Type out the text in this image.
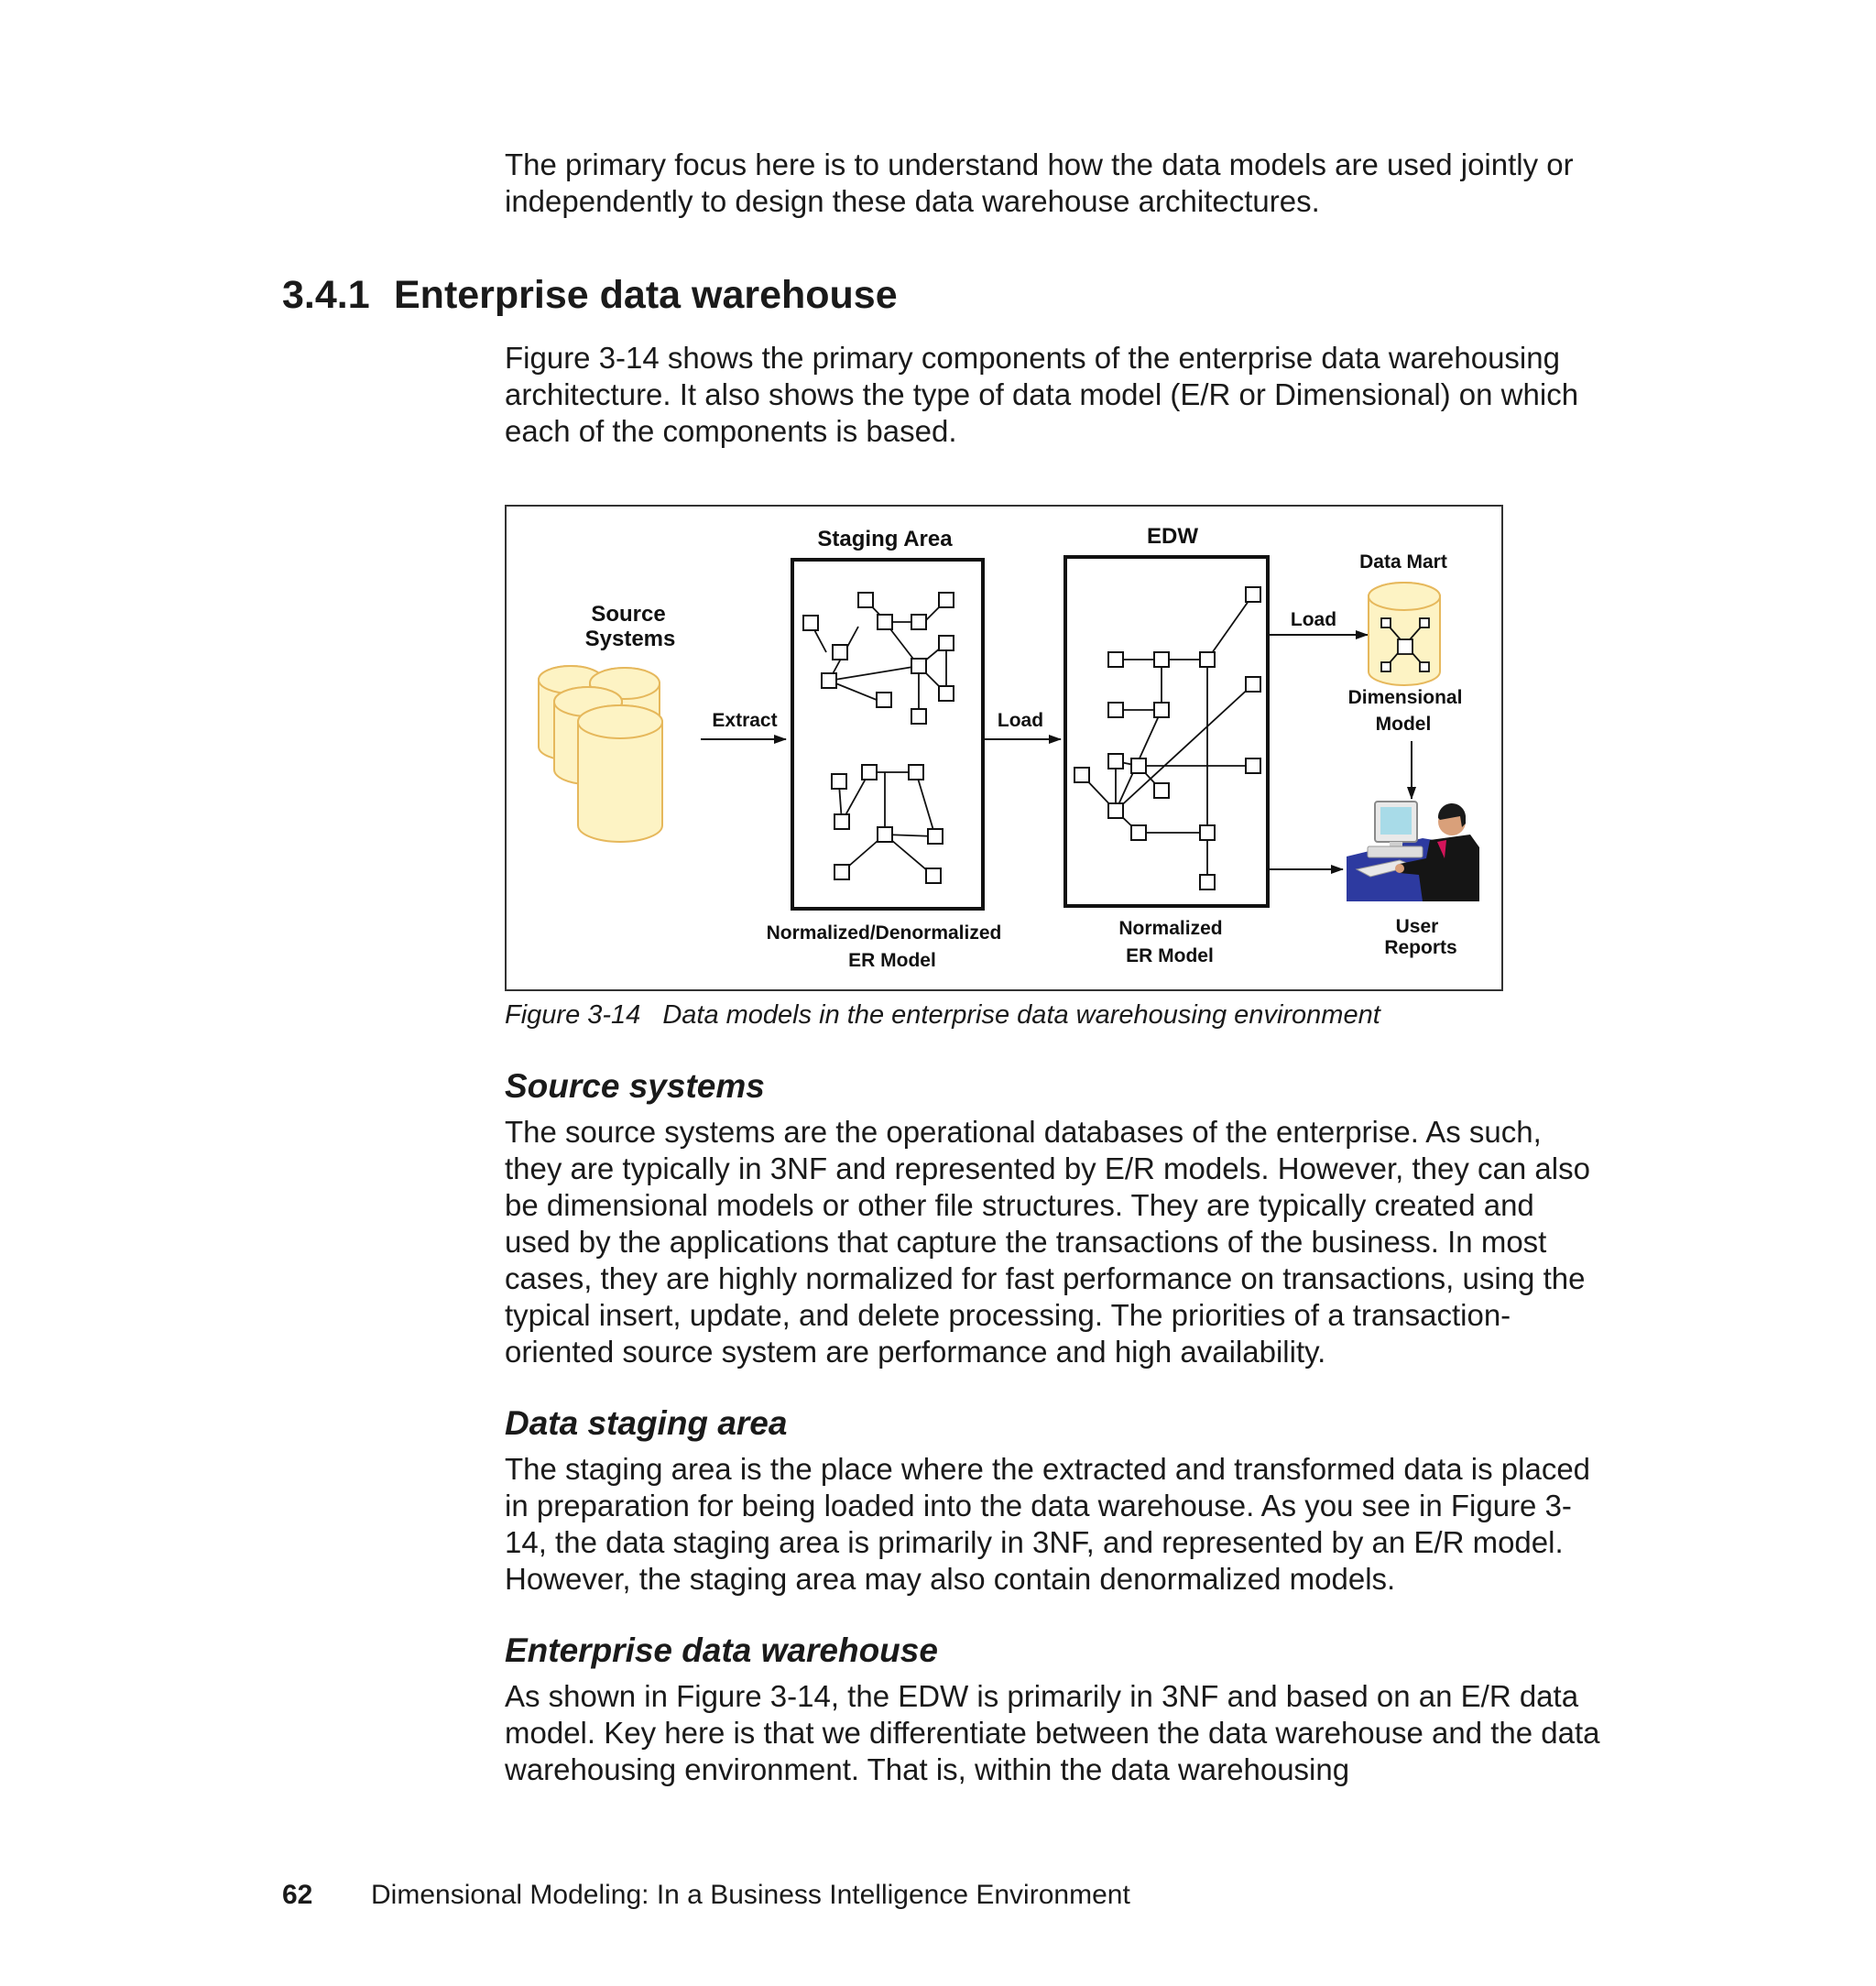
The primary focus here is to understand how the data models are used jointly or independently to design these data warehouse architectures.

3.4.1 Enterprise data warehouse

Figure 3-14 shows the primary components of the enterprise data warehousing architecture. It also shows the type of data model (E/R or Dimensional) on which each of the components is based.

Source
Systems
Extract
Staging Area
Normalized/Denormalized
ER Model
Load
EDW
Normalized
ER Model
Load
Data Mart
Dimensional
Model
User
Reports

Figure 3-14 Data models in the enterprise data warehousing environment

Source systems

The source systems are the operational databases of the enterprise. As such, they are typically in 3NF and represented by E/R models. However, they can also be dimensional models or other file structures. They are typically created and used by the applications that capture the transactions of the business. In most cases, they are highly normalized for fast performance on transactions, using the typical insert, update, and delete processing. The priorities of a transaction-oriented source system are performance and high availability.

Data staging area

The staging area is the place where the extracted and transformed data is placed in preparation for being loaded into the data warehouse. As you see in Figure 3-14, the data staging area is primarily in 3NF, and represented by an E/R model. However, the staging area may also contain denormalized models.

Enterprise data warehouse

As shown in Figure 3-14, the EDW is primarily in 3NF and based on an E/R data model. Key here is that we differentiate between the data warehouse and the data warehousing environment. That is, within the data warehousing

62 Dimensional Modeling: In a Business Intelligence Environment
